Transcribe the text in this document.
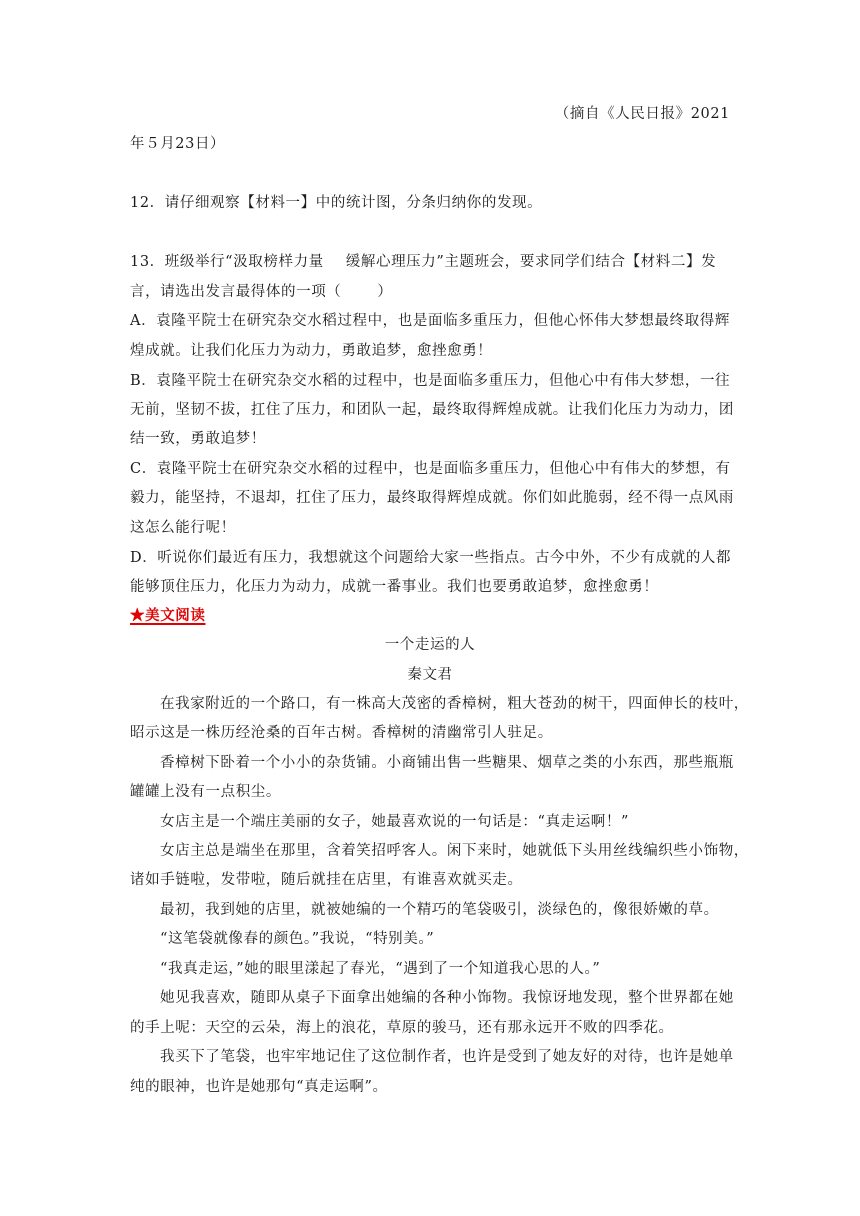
（摘自《人民日报》2021
年５月23日）
12．请仔细观察【材料一】中的统计图，分条归纳你的发现。
13．班级举行“汲取榜样力量 缓解心理压力”主题班会，要求同学们结合【材料二】发
言，请选出发言最得体的一项（ ）
A．袁隆平院士在研究杂交水稻过程中，也是面临多重压力，但他心怀伟大梦想最终取得辉
煌成就。让我们化压力为动力，勇敢追梦，愈挫愈勇！
B．袁隆平院士在研究杂交水稻的过程中，也是面临多重压力，但他心中有伟大梦想，一往
无前，坚韧不拔，扛住了压力，和团队一起，最终取得辉煌成就。让我们化压力为动力，团
结一致，勇敢追梦！
C．袁隆平院士在研究杂交水稻的过程中，也是面临多重压力，但他心中有伟大的梦想，有
毅力，能坚持，不退却，扛住了压力，最终取得辉煌成就。你们如此脆弱，经不得一点风雨
这怎么能行呢！
D．听说你们最近有压力，我想就这个问题给大家一些指点。古今中外，不少有成就的人都
能够顶住压力，化压力为动力，成就一番事业。我们也要勇敢追梦，愈挫愈勇！
★美文阅读
一个走运的人
秦文君
在我家附近的一个路口，有一株高大茂密的香樟树，粗大苍劲的树干，四面伸长的枝叶，
昭示这是一株历经沧桑的百年古树。香樟树的清幽常引人驻足。
香樟树下卧着一个小小的杂货铺。小商铺出售一些糖果、烟草之类的小东西，那些瓶瓶
罐罐上没有一点积尘。
女店主是一个端庄美丽的女子，她最喜欢说的一句话是：“真走运啊！”
女店主总是端坐在那里，含着笑招呼客人。闲下来时，她就低下头用丝线编织些小饰物，
诸如手链啦，发带啦，随后就挂在店里，有谁喜欢就买走。
最初，我到她的店里，就被她编的一个精巧的笔袋吸引，淡绿色的，像很娇嫩的草。
“这笔袋就像春的颜色。”我说，“特别美。”
“我真走运，”她的眼里漾起了春光，“遇到了一个知道我心思的人。”
她见我喜欢，随即从桌子下面拿出她编的各种小饰物。我惊讶地发现，整个世界都在她
的手上呢：天空的云朵，海上的浪花，草原的骏马，还有那永远开不败的四季花。
我买下了笔袋，也牢牢地记住了这位制作者，也许是受到了她友好的对待，也许是她单
纯的眼神，也许是她那句“真走运啊”。
